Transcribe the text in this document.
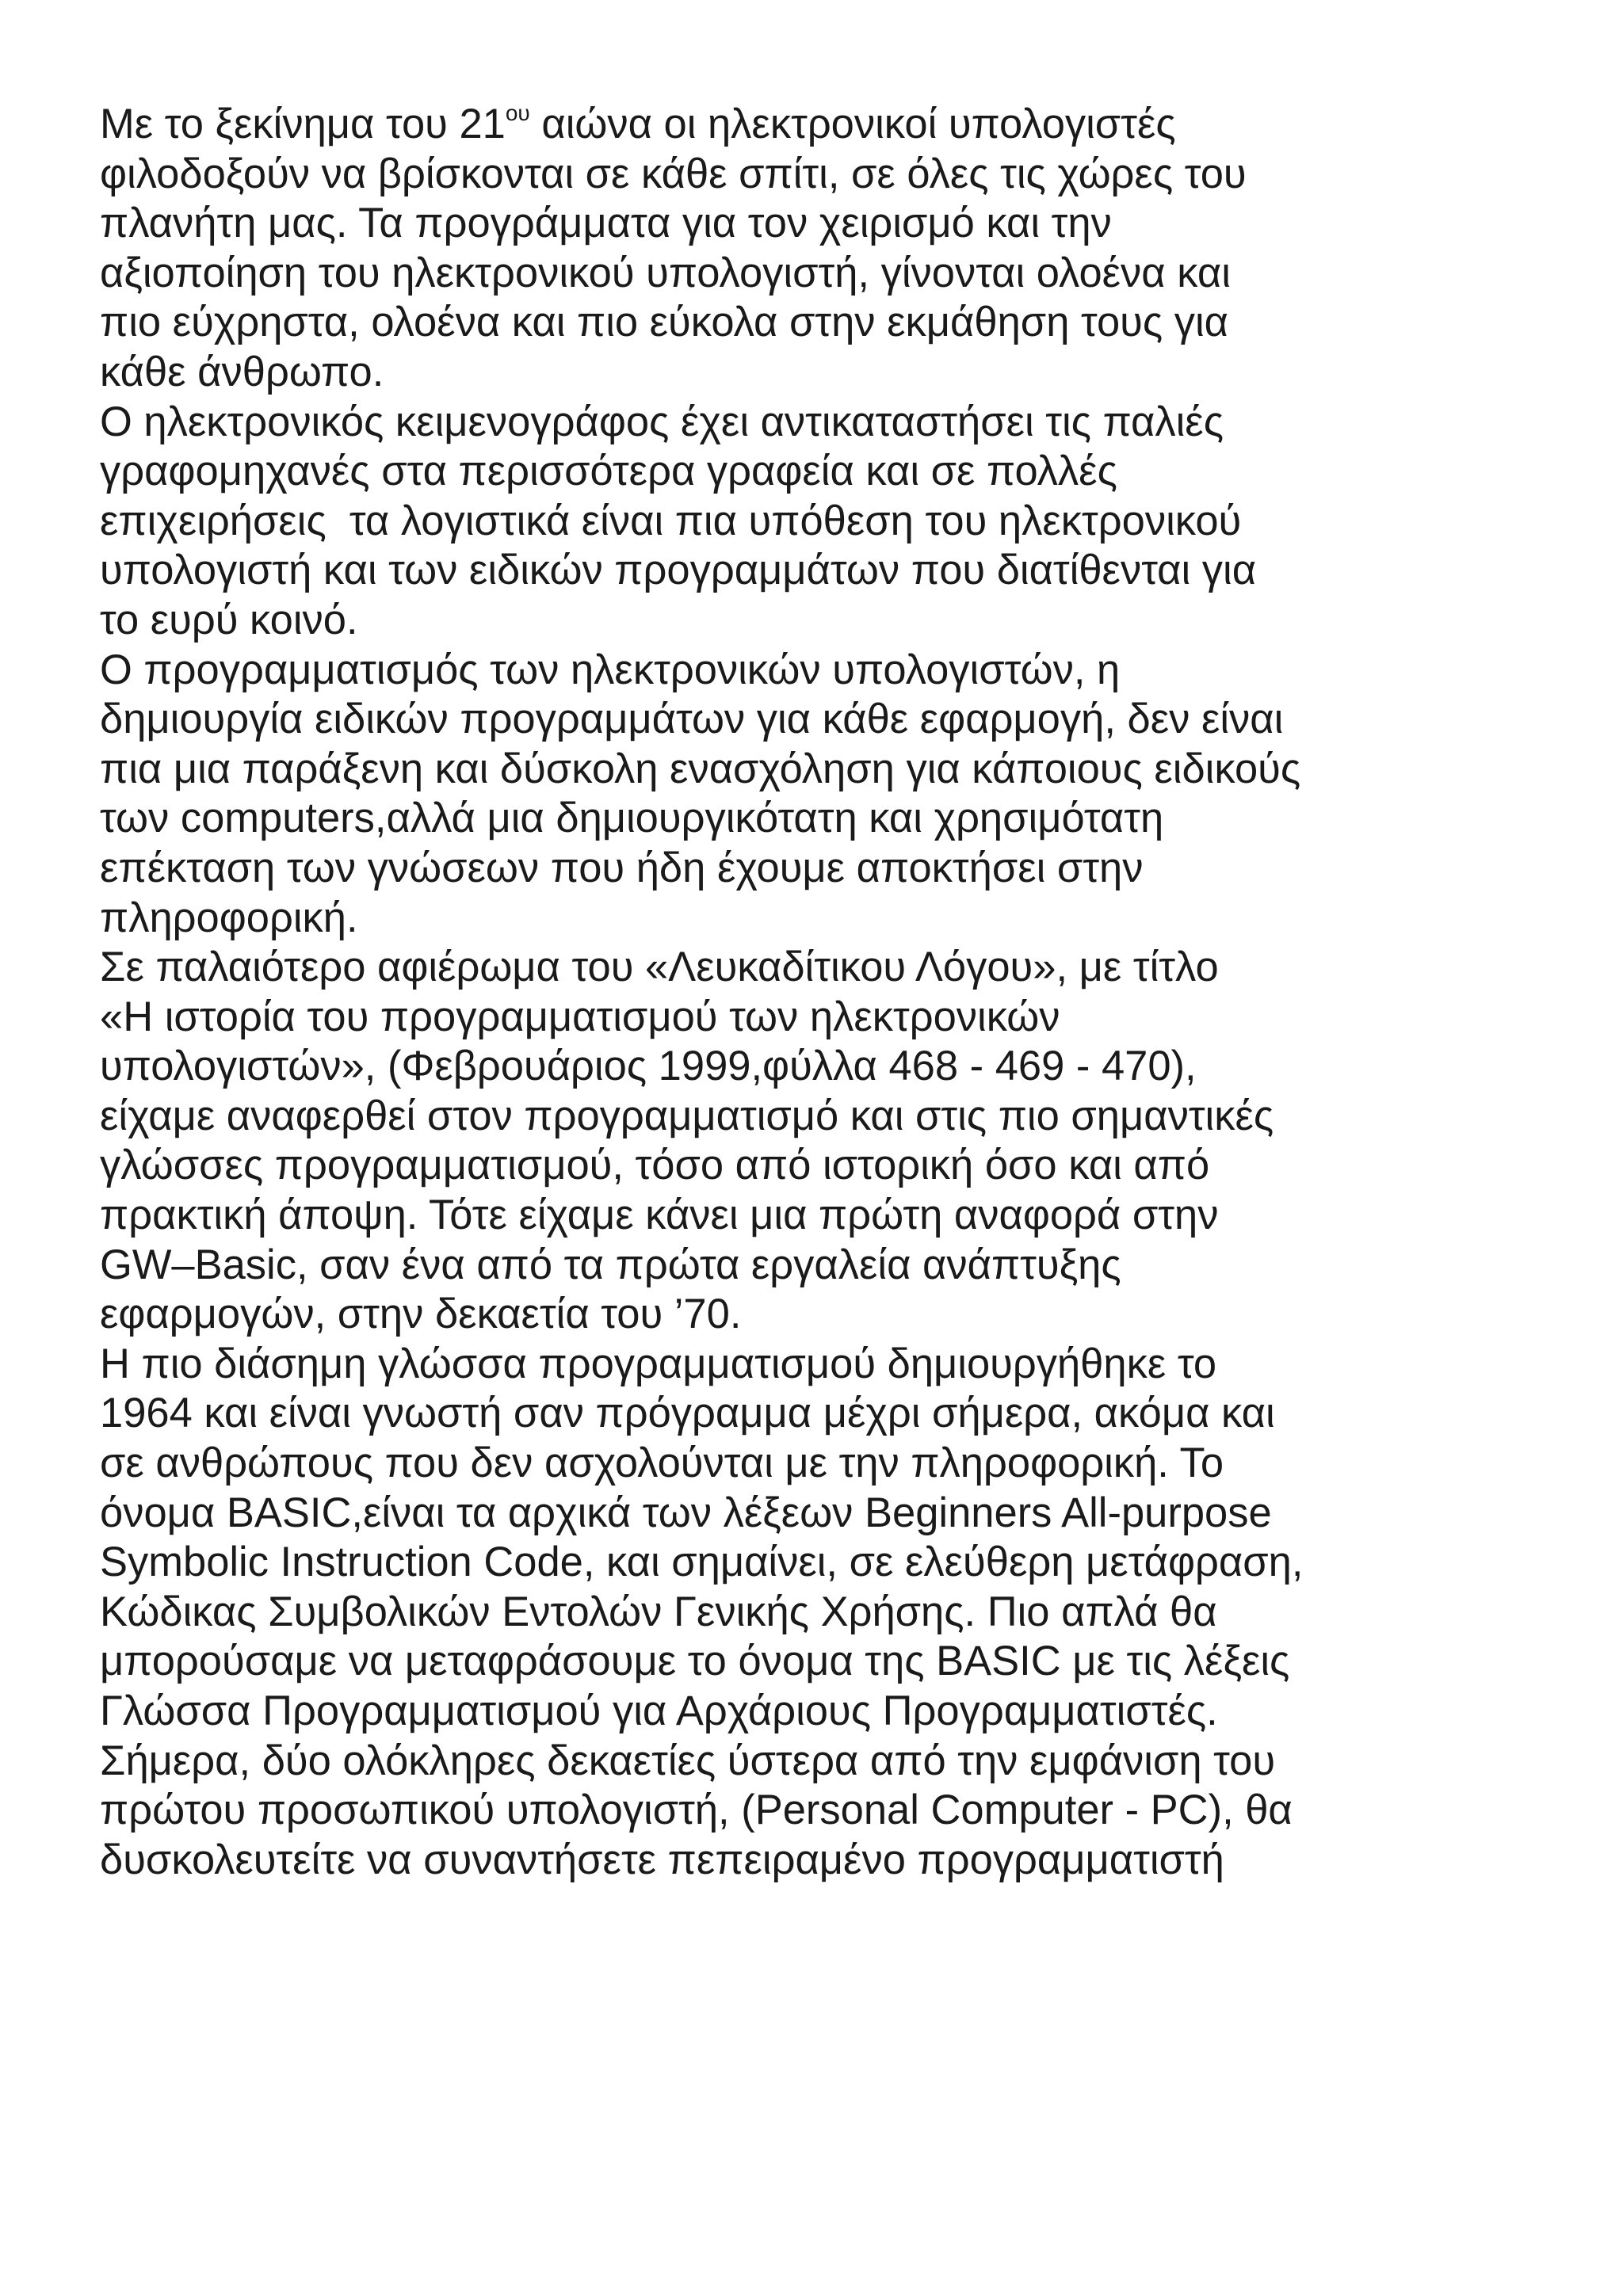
Με το ξεκίνημα του $21^{o\upsilon}$ αιώνα οι ηλεκτρονικοί υπολογιστές
φιλοδοξούν να βρίσκονται σε κάθε σπίτι, σε όλες τις χώρες του
πλανήτη μας. Τα προγράμματα για τον χειρισμό και την
αξιοποίηση του ηλεκτρονικού υπολογιστή, γίνονται ολοένα και
πιο εύχρηστα, ολοένα και πιο εύκολα στην εκμάθηση τους για
κάθε άνθρωπο.
Ο ηλεκτρονικός κειμενογράφος έχει αντικαταστήσει τις παλιές
γραφομηχανές στα περισσότερα γραφεία και σε πολλές
επιχειρήσεις  τα λογιστικά είναι πια υπόθεση του ηλεκτρονικού
υπολογιστή και των ειδικών προγραμμάτων που διατίθενται για
το ευρύ κοινό.
Ο προγραμματισμός των ηλεκτρονικών υπολογιστών, η
δημιουργία ειδικών προγραμμάτων για κάθε εφαρμογή, δεν είναι
πια μια παράξενη και δύσκολη ενασχόληση για κάποιους ειδικούς
των computers,αλλά μια δημιουργικότατη και χρησιμότατη
επέκταση των γνώσεων που ήδη έχουμε αποκτήσει στην
πληροφορική.
Σε παλαιότερο αφιέρωμα του «Λευκαδίτικου Λόγου», με τίτλο
«Η ιστορία του προγραμματισμού των ηλεκτρονικών
υπολογιστών», (Φεβρουάριος 1999,φύλλα 468 - 469 - 470),
είχαμε αναφερθεί στον προγραμματισμό και στις πιο σημαντικές
γλώσσες προγραμματισμού, τόσο από ιστορική όσο και από
πρακτική άποψη. Τότε είχαμε κάνει μια πρώτη αναφορά στην
GW–Basic, σαν ένα από τα πρώτα εργαλεία ανάπτυξης
εφαρμογών, στην δεκαετία του ’70.
Η πιο διάσημη γλώσσα προγραμματισμού δημιουργήθηκε το
1964 και είναι γνωστή σαν πρόγραμμα μέχρι σήμερα, ακόμα και
σε ανθρώπους που δεν ασχολούνται με την πληροφορική. Το
όνομα BASIC,είναι τα αρχικά των λέξεων Beginners All-purpose
Symbolic Instruction Code, και σημαίνει, σε ελεύθερη μετάφραση,
Κώδικας Συμβολικών Εντολών Γενικής Χρήσης. Πιο απλά θα
μπορούσαμε να μεταφράσουμε το όνομα της BASIC με τις λέξεις
Γλώσσα Προγραμματισμού για Αρχάριους Προγραμματιστές.
Σήμερα, δύο ολόκληρες δεκαετίες ύστερα από την εμφάνιση του
πρώτου προσωπικού υπολογιστή, (Personal Computer - PC), θα
δυσκολευτείτε να συναντήσετε πεπειραμένο προγραμματιστή
